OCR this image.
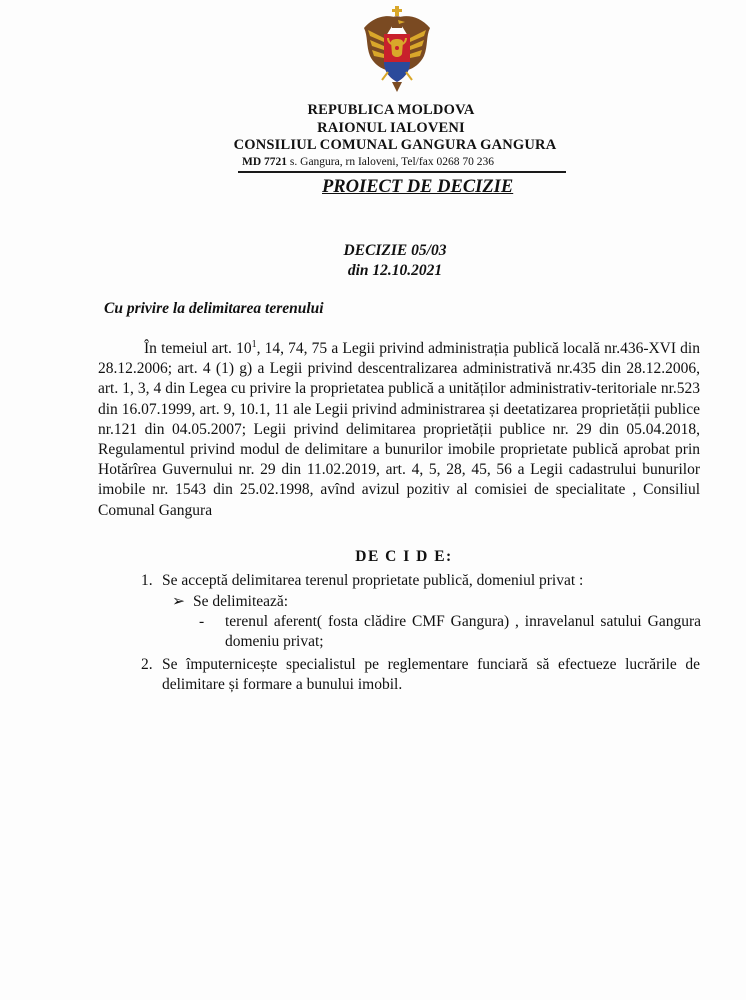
REPUBLICA MOLDOVA
RAIONUL IALOVENI
CONSILIUL COMUNAL GANGURA GANGURA
MD 7721 s. Gangura, rn Ialoveni, Tel/fax 0268 70 236
PROIECT DE DECIZIE
DECIZIE 05/03
din 12.10.2021
Cu privire la delimitarea terenului
În temeiul art. $10^1$, 14, 74, 75 a Legii privind administrația publică locală nr.436-XVI din 28.12.2006; art. 4 (1) g) a Legii privind descentralizarea administrativă nr.435 din 28.12.2006, art. 1, 3, 4 din Legea cu privire la proprietatea publică a unităților administrativ-teritoriale nr.523 din 16.07.1999, art. 9, 10.1, 11 ale Legii privind administrarea și deetatizarea proprietății publice nr.121 din 04.05.2007; Legii privind delimitarea proprietății publice nr. 29 din 05.04.2018, Regulamentul privind modul de delimitare a bunurilor imobile proprietate publică aprobat prin Hotărîrea Guvernului nr. 29 din 11.02.2019, art. 4, 5, 28, 45, 56 a Legii cadastrului bunurilor imobile nr. 1543 din 25.02.1998, avînd avizul pozitiv al comisiei de specialitate , Consiliul Comunal Gangura
DE C I D E:
1. Se acceptă delimitarea terenul proprietate publică, domeniul privat :
➢ Se delimitează:
- terenul aferent( fosta clădire CMF Gangura) , inravelanul satului Gangura domeniu privat;
2. Se împuternicește specialistul pe reglementare funciară să efectueze lucrările de delimitare și formare a bunului imobil.
